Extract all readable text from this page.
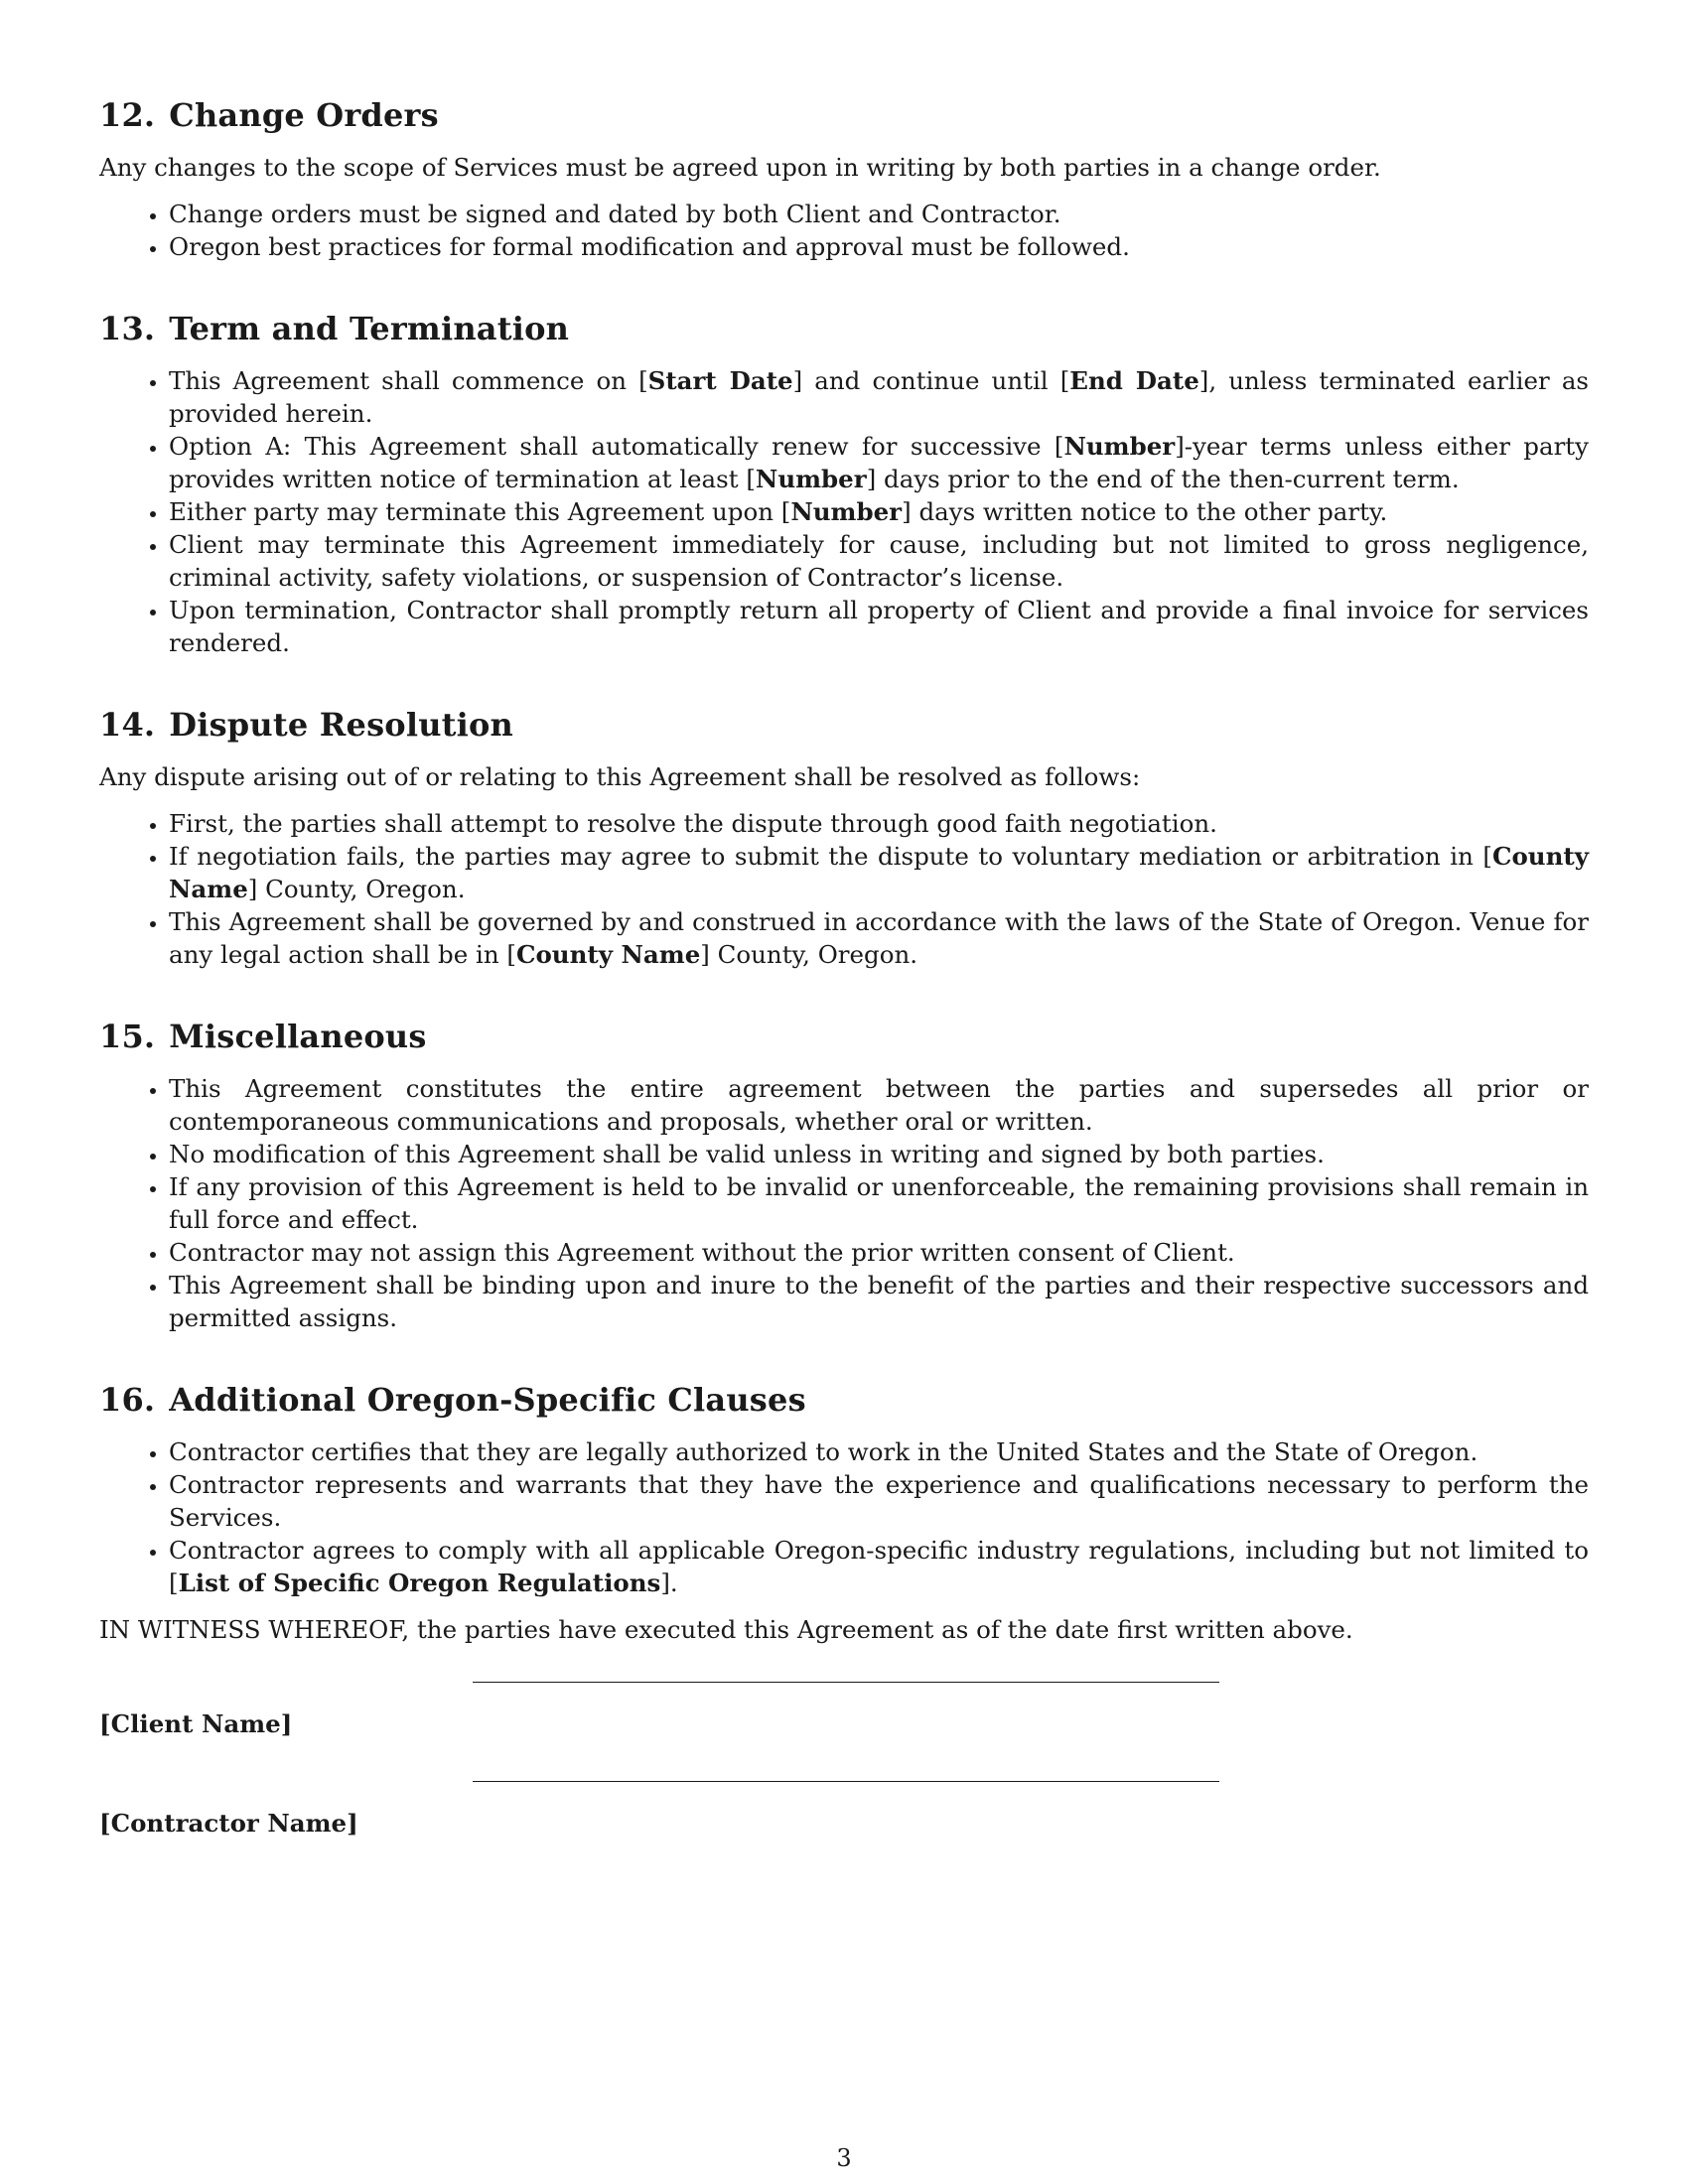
12. Change Orders

Any changes to the scope of Services must be agreed upon in writing by both parties in a change order.

• Change orders must be signed and dated by both Client and Contractor.
• Oregon best practices for formal modification and approval must be followed.
13. Term and Termination
• This Agreement shall commence on [Start Date] and continue until [End Date], unless terminated earlier as provided herein.
• Option A: This Agreement shall automatically renew for successive [Number]-year terms unless either party provides written notice of termination at least [Number] days prior to the end of the then-current term.
• Either party may terminate this Agreement upon [Number] days written notice to the other party.
• Client may terminate this Agreement immediately for cause, including but not limited to gross negligence, criminal activity, safety violations, or suspension of Contractor’s license.
• Upon termination, Contractor shall promptly return all property of Client and provide a final invoice for services rendered.
14. Dispute Resolution

Any dispute arising out of or relating to this Agreement shall be resolved as follows:

• First, the parties shall attempt to resolve the dispute through good faith negotiation.
• If negotiation fails, the parties may agree to submit the dispute to voluntary mediation or arbitration in [County Name] County, Oregon.
• This Agreement shall be governed by and construed in accordance with the laws of the State of Oregon. Venue for any legal action shall be in [County Name] County, Oregon.
15. Miscellaneous
• This Agreement constitutes the entire agreement between the parties and supersedes all prior or contemporaneous communications and proposals, whether oral or written.
• No modification of this Agreement shall be valid unless in writing and signed by both parties.
• If any provision of this Agreement is held to be invalid or unenforceable, the remaining provisions shall remain in full force and effect.
• Contractor may not assign this Agreement without the prior written consent of Client.
• This Agreement shall be binding upon and inure to the benefit of the parties and their respective successors and permitted assigns.
16. Additional Oregon-Specific Clauses
• Contractor certifies that they are legally authorized to work in the United States and the State of Oregon.
• Contractor represents and warrants that they have the experience and qualifications necessary to perform the Services.
• Contractor agrees to comply with all applicable Oregon-specific industry regulations, including but not limited to [List of Specific Oregon Regulations].

IN WITNESS WHEREOF, the parties have executed this Agreement as of the date first written above.

[Client Name]
[Contractor Name]
3
